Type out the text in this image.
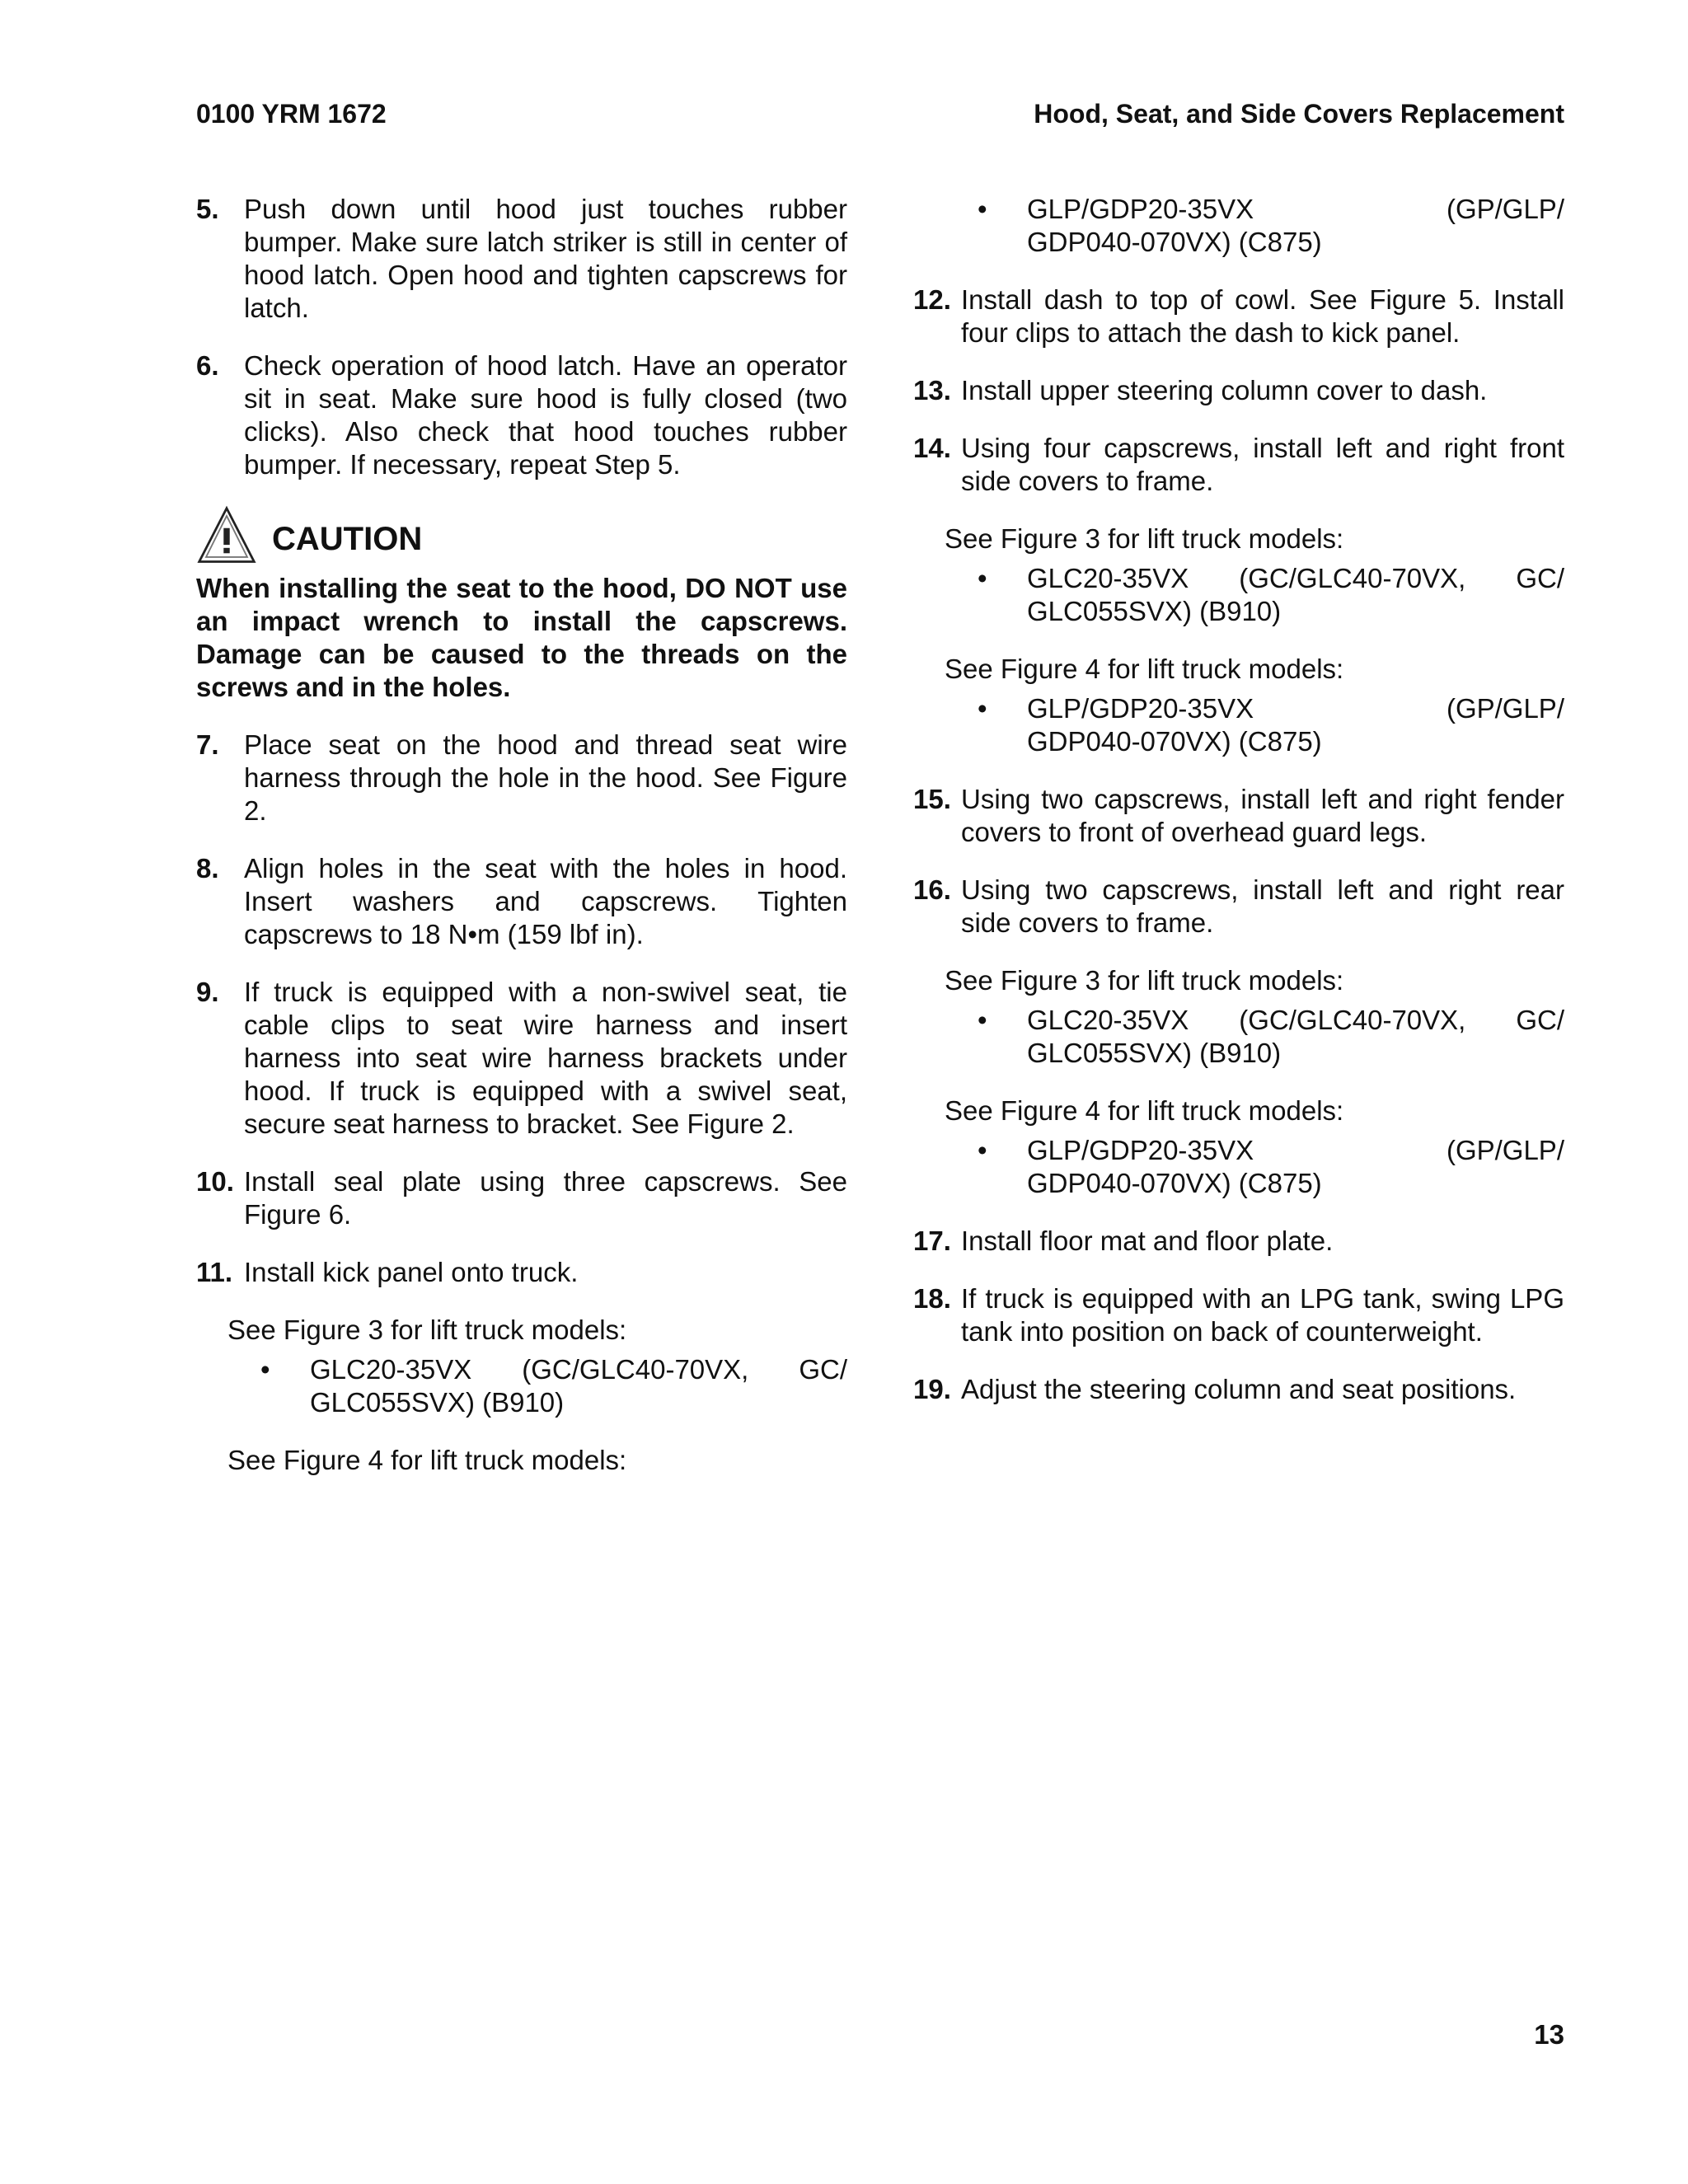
0100 YRM 1672	Hood, Seat, and Side Covers Replacement
5. Push down until hood just touches rubber bumper. Make sure latch striker is still in center of hood latch. Open hood and tighten capscrews for latch.
6. Check operation of hood latch. Have an operator sit in seat. Make sure hood is fully closed (two clicks). Also check that hood touches rubber bumper. If necessary, repeat Step 5.
CAUTION
When installing the seat to the hood, DO NOT use an impact wrench to install the capscrews. Damage can be caused to the threads on the screws and in the holes.
7. Place seat on the hood and thread seat wire harness through the hole in the hood. See Figure 2.
8. Align holes in the seat with the holes in hood. Insert washers and capscrews. Tighten capscrews to 18 N•m (159 lbf in).
9. If truck is equipped with a non-swivel seat, tie cable clips to seat wire harness and insert harness into seat wire harness brackets under hood. If truck is equipped with a swivel seat, secure seat harness to bracket. See Figure 2.
10. Install seal plate using three capscrews. See Figure 6.
11. Install kick panel onto truck.
See Figure 3 for lift truck models:
• GLC20-35VX (GC/GLC40-70VX, GC/
GLC055SVX) (B910)
See Figure 4 for lift truck models:
• GLP/GDP20-35VX	(GP/GLP/
GDP040-070VX) (C875)
12. Install dash to top of cowl. See Figure 5. Install four clips to attach the dash to kick panel.
13. Install upper steering column cover to dash.
14. Using four capscrews, install left and right front side covers to frame.
See Figure 3 for lift truck models:
• GLC20-35VX (GC/GLC40-70VX, GC/
GLC055SVX) (B910)
See Figure 4 for lift truck models:
• GLP/GDP20-35VX	(GP/GLP/
GDP040-070VX) (C875)
15. Using two capscrews, install left and right fender covers to front of overhead guard legs.
16. Using two capscrews, install left and right rear side covers to frame.
See Figure 3 for lift truck models:
• GLC20-35VX (GC/GLC40-70VX, GC/
GLC055SVX) (B910)
See Figure 4 for lift truck models:
• GLP/GDP20-35VX	(GP/GLP/
GDP040-070VX) (C875)
17. Install floor mat and floor plate.
18. If truck is equipped with an LPG tank, swing LPG tank into position on back of counterweight.
19. Adjust the steering column and seat positions.
13
